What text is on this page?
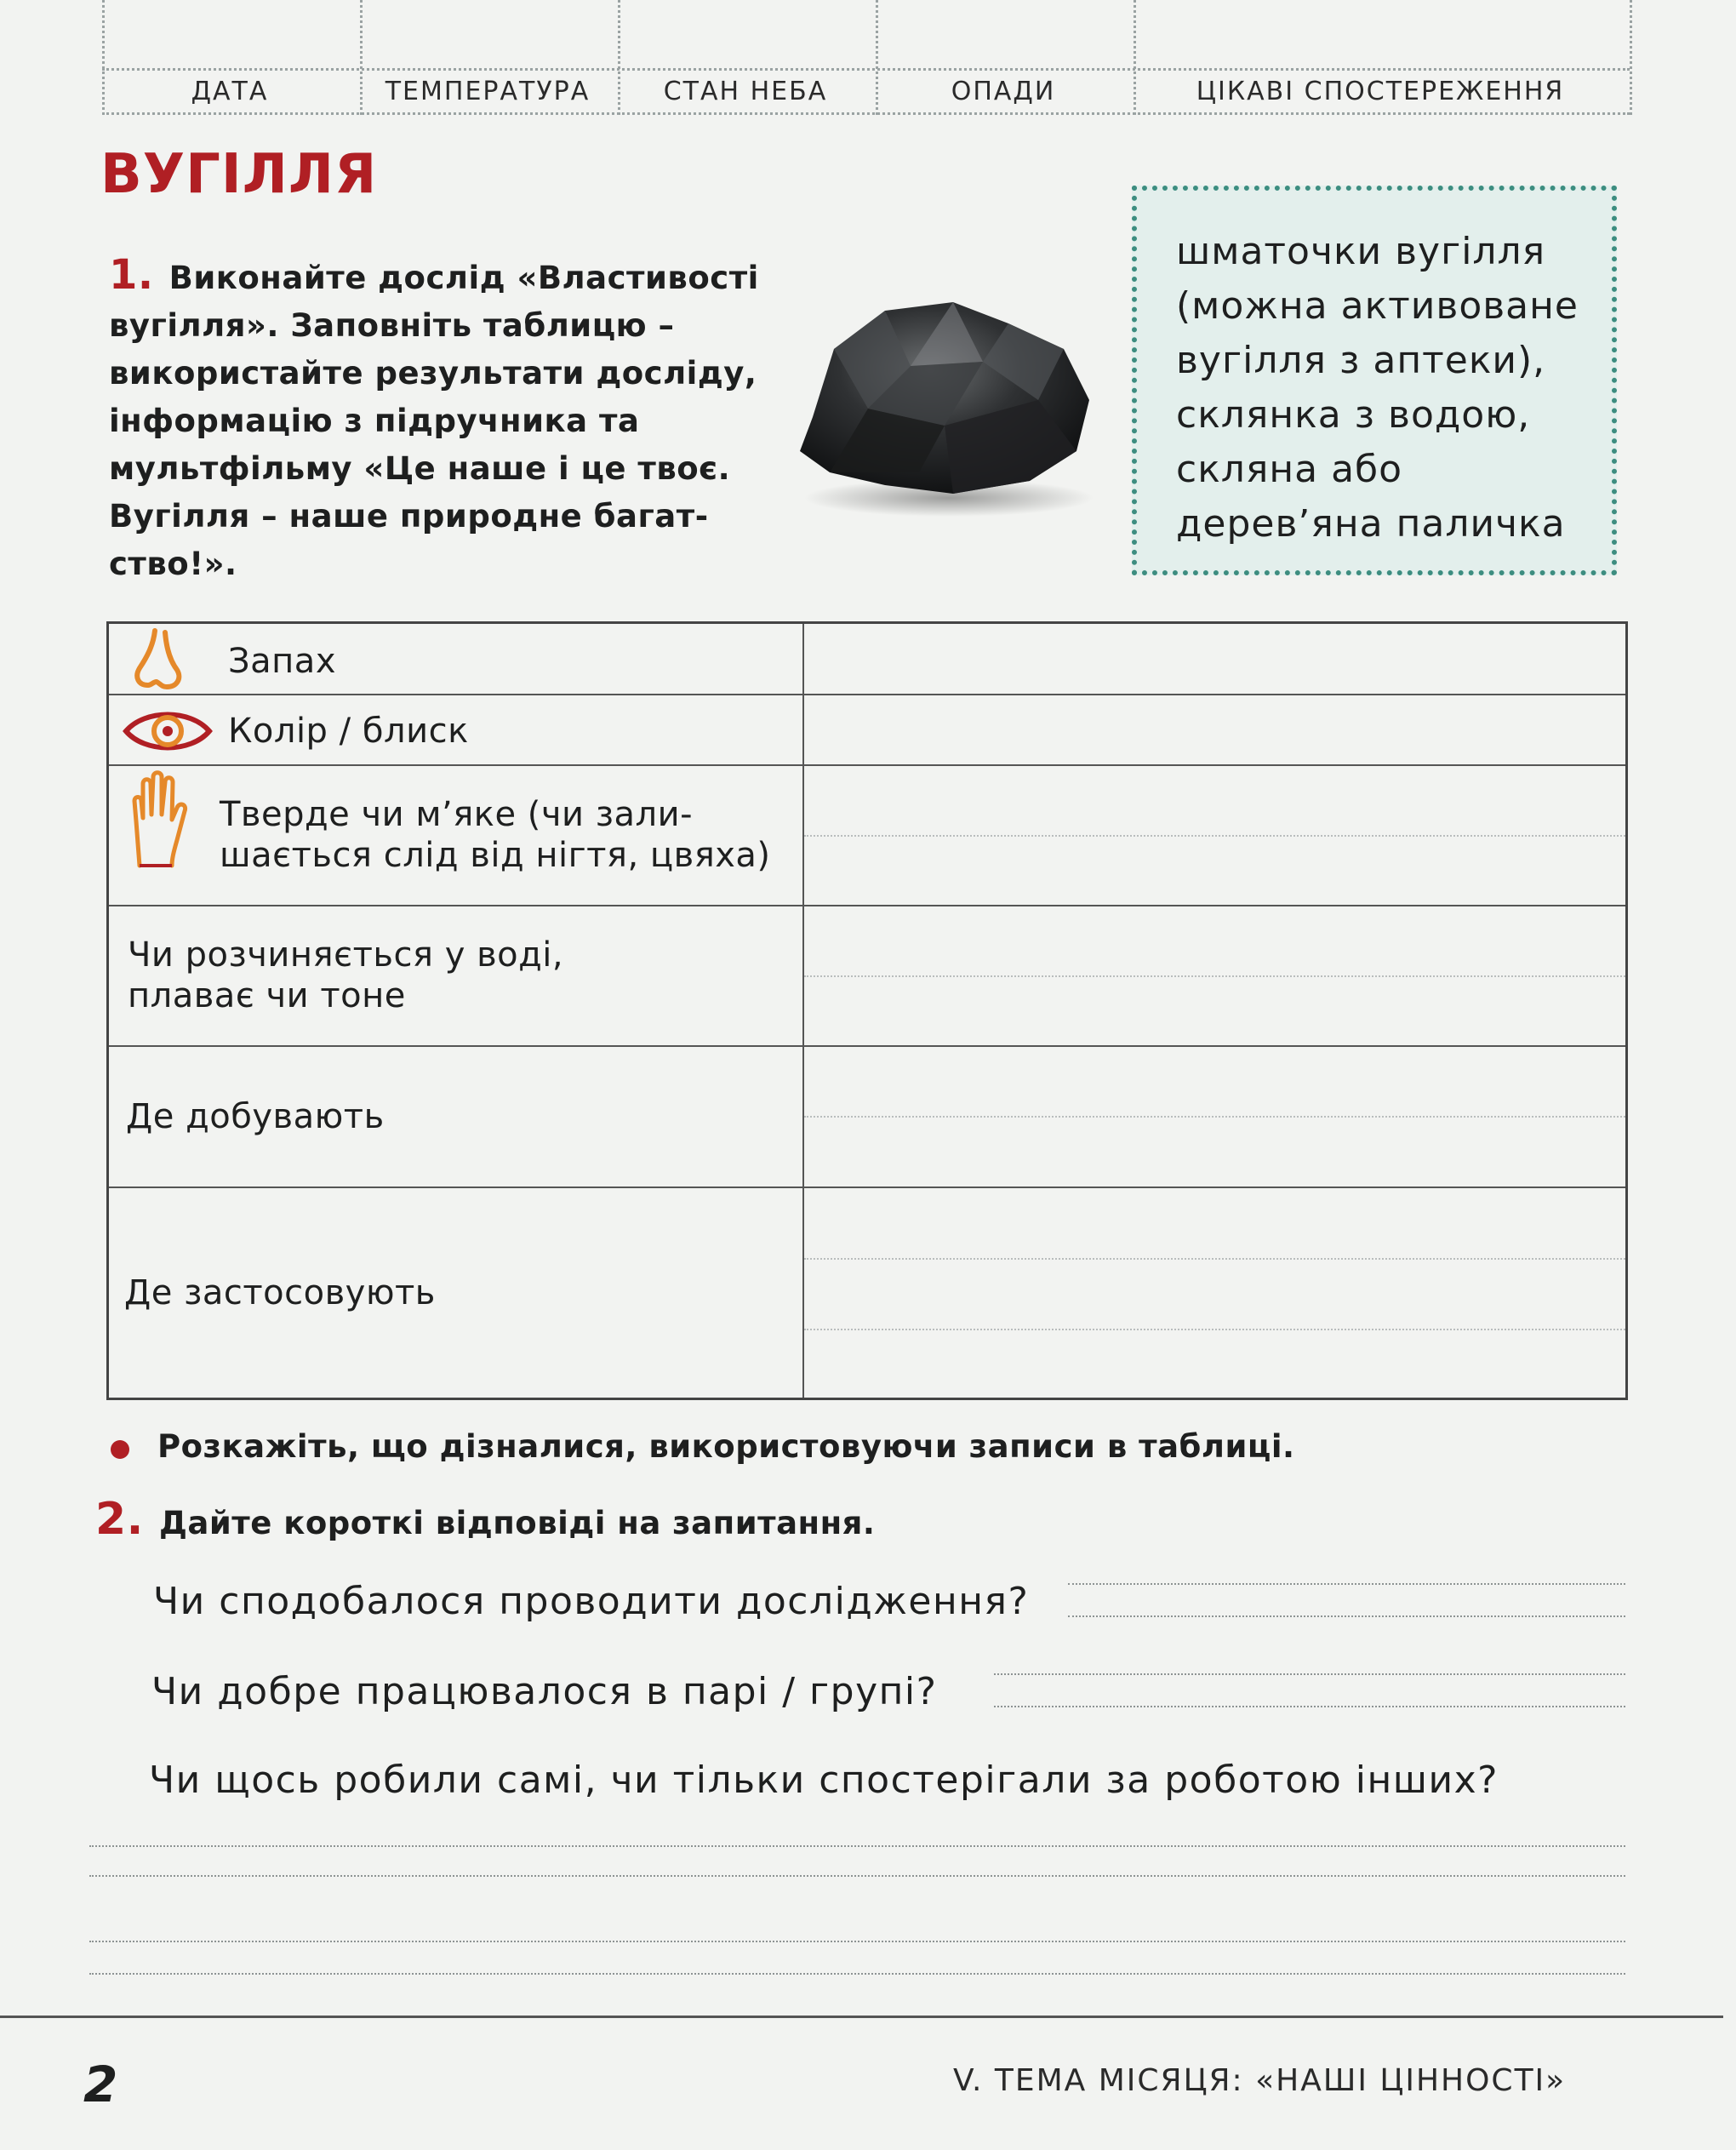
ДАТА	ТЕМПЕРАТУРА	СТАН НЕБА	ОПАДИ	ЦІКАВІ СПОСТЕРЕЖЕННЯ
ВУГІЛЛЯ
1. Виконайте дослід «Властивості вугілля». Заповніть таблицю – використайте результати досліду, інформацію з підручника та мультфільму «Це наше і це твоє. Вугілля – наше природне багатство!».
шматочки вугілля
(можна активоване
вугілля з аптеки),
склянка з водою,
скляна або
дерев’яна паличка
Запах
Колір / блиск
Тверде чи м’яке (чи зали-
шається слід від нігтя, цвяха)
Чи розчиняється у воді,
плаває чи тоне
Де добувають
Де застосовують
Розкажіть, що дізналися, використовуючи записи в таблиці.
2. Дайте короткі відповіді на запитання.
Чи сподобалося проводити дослідження?
Чи добре працювалося в парі / групі?
Чи щось робили самі, чи тільки спостерігали за роботою інших?
2	V. ТЕМА МІСЯЦЯ: «НАШІ ЦІННОСТІ»
